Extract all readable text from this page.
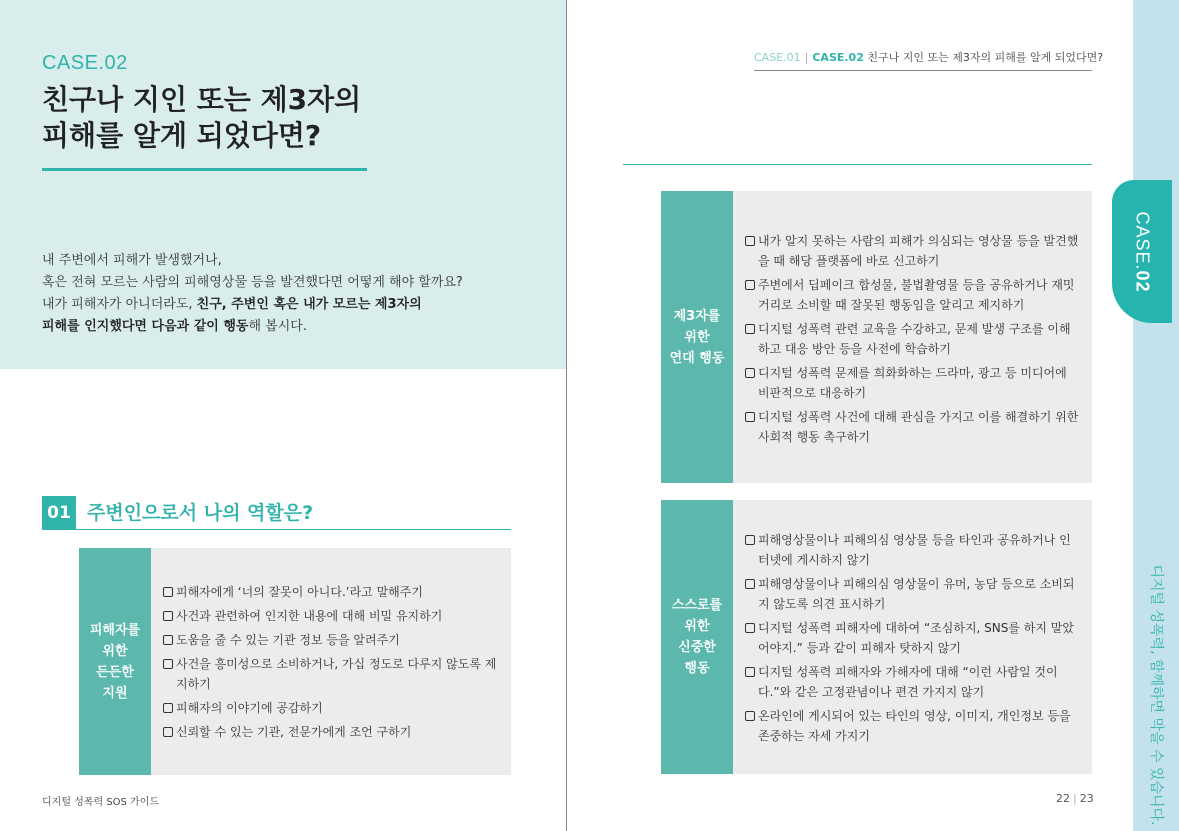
CASE.02
친구나 지인 또는 제3자의
피해를 알게 되었다면?
내 주변에서 피해가 발생했거나,
혹은 전혀 모르는 사람의 피해영상물 등을 발견했다면 어떻게 해야 할까요?
내가 피해자가 아니더라도, 친구, 주변인 혹은 내가 모르는 제3자의
피해를 인지했다면 다음과 같이 행동해 봅시다.
01 주변인으로서 나의 역할은?
피해자를
위한
든든한
지원
피해자에게 ‘너의 잘못이 아니다.’라고 말해주기
사건과 관련하여 인지한 내용에 대해 비밀 유지하기
도움을 줄 수 있는 기관 정보 등을 알려주기
사건을 흥미성으로 소비하거나, 가십 정도로 다루지 않도록 제지하기
피해자의 이야기에 공감하기
신뢰할 수 있는 기관, 전문가에게 조언 구하기
디지털 성폭력 SOS 가이드
CASE.01 | CASE.02 친구나 지인 또는 제3자의 피해를 알게 되었다면?
제3자를
위한
연대 행동
내가 알지 못하는 사람의 피해가 의심되는 영상물 등을 발견했을 때 해당 플랫폼에 바로 신고하기
주변에서 딥페이크 합성물, 불법촬영물 등을 공유하거나 재밋거리로 소비할 때 잘못된 행동임을 알리고 제지하기
디지털 성폭력 관련 교육을 수강하고, 문제 발생 구조를 이해하고 대응 방안 등을 사전에 학습하기
디지털 성폭력 문제를 희화화하는 드라마, 광고 등 미디어에 비판적으로 대응하기
디지털 성폭력 사건에 대해 관심을 가지고 이를 해결하기 위한 사회적 행동 촉구하기
스스로를
위한
신중한
행동
피해영상물이나 피해의심 영상물 등을 타인과 공유하거나 인터넷에 게시하지 않기
피해영상물이나 피해의심 영상물이 유머, 농담 등으로 소비되지 않도록 의견 표시하기
디지털 성폭력 피해자에 대하여 “조심하지, SNS를 하지 말았어야지.” 등과 같이 피해자 탓하지 않기
디지털 성폭력 피해자와 가해자에 대해 “이런 사람일 것이다.”와 같은 고정관념이나 편견 가지지 않기
온라인에 게시되어 있는 타인의 영상, 이미지, 개인정보 등을 존중하는 자세 가지기
22 | 23
CASE.02
디지털 성폭력, 함께하면 막을 수 있습니다.
